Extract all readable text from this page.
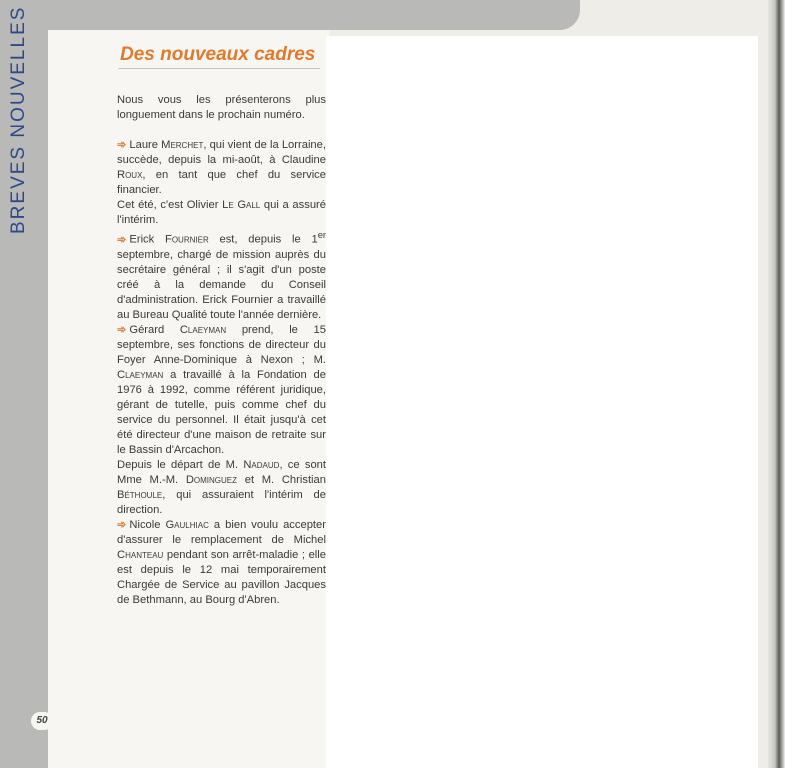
BREVES NOUVELLES	Des nouveaux cadres

Nous vous les présenterons plus longuement dans le prochain numéro.

➾ Laure Merchet, qui vient de la Lorraine, succède, depuis la mi-août, à Claudine Roux, en tant que chef du service financier.

Cet été, c'est Olivier Le Gall qui a assuré l'intérim.

➾ Erick Fournier est, depuis le 1er septembre, chargé de mission auprès du secrétaire général ; il s'agit d'un poste créé à la demande du Conseil d'administration. Erick Fournier a travaillé au Bureau Qualité toute l'année dernière.

➾ Gérard Claeyman prend, le 15 septembre, ses fonctions de directeur du Foyer Anne-Dominique à Nexon ; M. Claeyman a travaillé à la Fondation de 1976 à 1992, comme référent juridique, gérant de tutelle, puis comme chef du service du personnel. Il était jusqu'à cet été directeur d'une maison de retraite sur le Bassin d'Arcachon.

Depuis le départ de M. Nadaud, ce sont Mme M.-M. Dominguez et M. Christian Béthoule, qui assuraient l'intérim de direction.

➾ Nicole Gaulhiac a bien voulu accepter d'assurer le remplacement de Michel Chanteau pendant son arrêt-maladie ; elle est depuis le 12 mai temporairement Chargée de Service au pavillon Jacques de Bethmann, au Bourg d'Abren.

50
